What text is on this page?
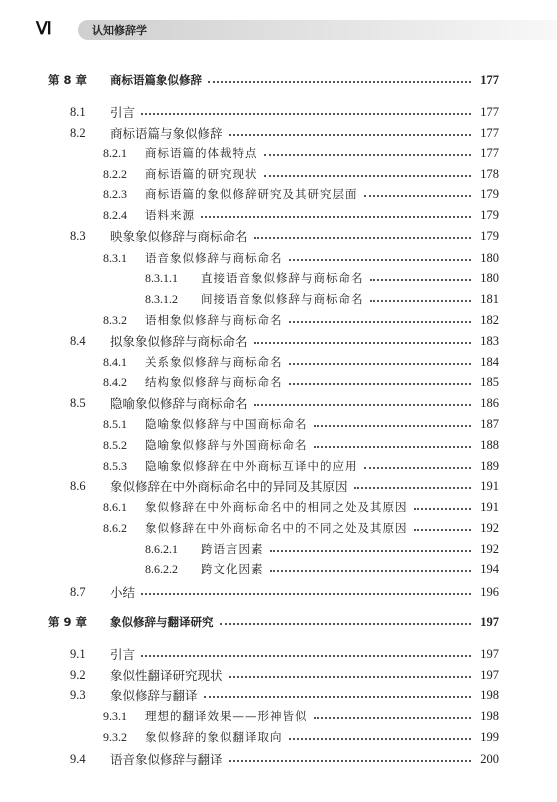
Ⅵ	认知修辞学
第 8 章	商标语篇象似修辞	177
8.1	引言	177
8.2	商标语篇与象似修辞	177
8.2.1	商标语篇的体裁特点	177
8.2.2	商标语篇的研究现状	178
8.2.3	商标语篇的象似修辞研究及其研究层面	179
8.2.4	语料来源	179
8.3	映象象似修辞与商标命名	179
8.3.1	语音象似修辞与商标命名	180
8.3.1.1	直接语音象似修辞与商标命名	180
8.3.1.2	间接语音象似修辞与商标命名	181
8.3.2	语相象似修辞与商标命名	182
8.4	拟象象似修辞与商标命名	183
8.4.1	关系象似修辞与商标命名	184
8.4.2	结构象似修辞与商标命名	185
8.5	隐喻象似修辞与商标命名	186
8.5.1	隐喻象似修辞与中国商标命名	187
8.5.2	隐喻象似修辞与外国商标命名	188
8.5.3	隐喻象似修辞在中外商标互译中的应用	189
8.6	象似修辞在中外商标命名中的异同及其原因	191
8.6.1	象似修辞在中外商标命名中的相同之处及其原因	191
8.6.2	象似修辞在中外商标命名中的不同之处及其原因	192
8.6.2.1	跨语言因素	192
8.6.2.2	跨文化因素	194
8.7	小结	196
第 9 章	象似修辞与翻译研究	197
9.1	引言	197
9.2	象似性翻译研究现状	197
9.3	象似修辞与翻译	198
9.3.1	理想的翻译效果——形神皆似	198
9.3.2	象似修辞的象似翻译取向	199
9.4	语音象似修辞与翻译	200
